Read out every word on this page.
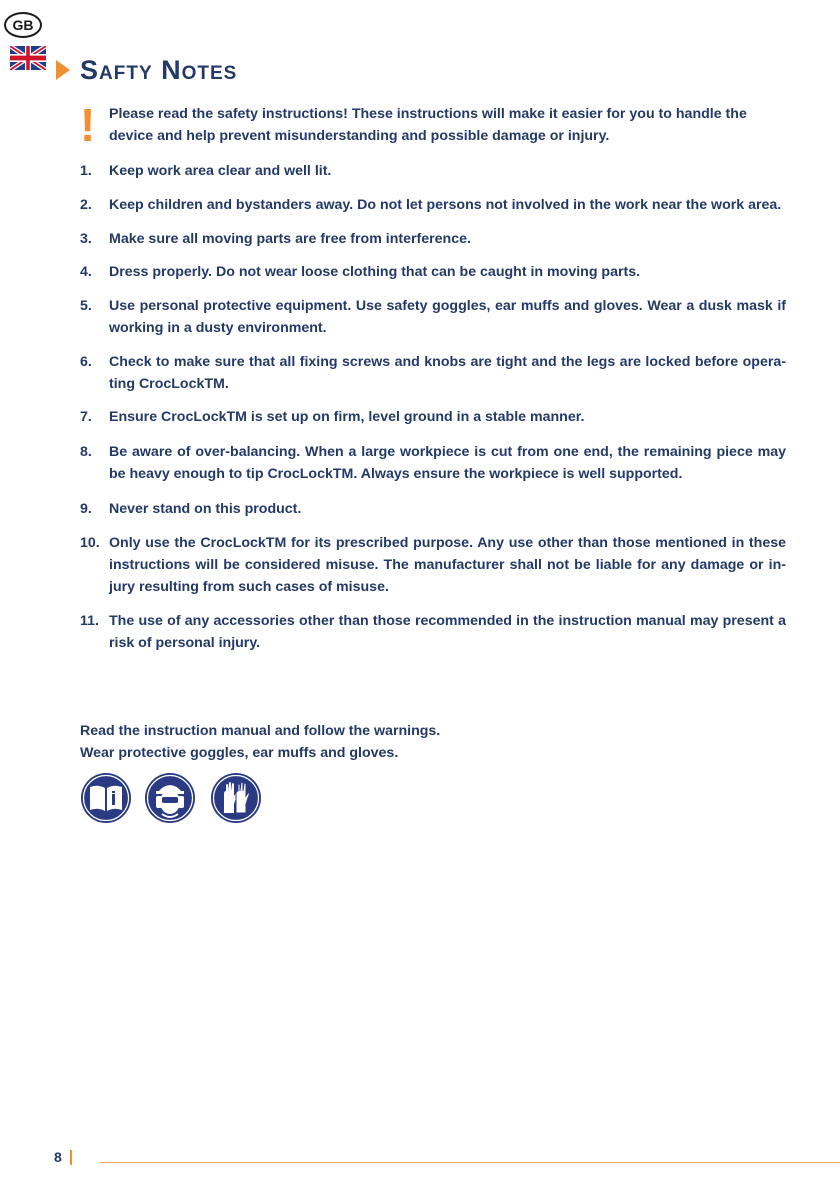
GB
Safty Notes
! Please read the safety instructions! These instructions will make it easier for you to handle the device and help prevent misunderstanding and possible damage or injury.

1.	Keep work area clear and well lit.
2.	Keep children and bystanders away. Do not let persons not involved in the work near the work area.
3.	Make sure all moving parts are free from interference.
4.	Dress properly. Do not wear loose clothing that can be caught in moving parts.
5.	Use personal protective equipment. Use safety goggles, ear muffs and gloves. Wear a dusk mask if working in a dusty environment.
6.	Check to make sure that all fixing screws and knobs are tight and the legs are locked before opera-ting CrocLockTM.
7.	Ensure CrocLockTM is set up on firm, level ground in a stable manner.
8.	Be aware of over-balancing. When a large workpiece is cut from one end, the remaining piece may be heavy enough to tip CrocLockTM. Always ensure the workpiece is well supported.
9.	Never stand on this product.
10. Only use the CrocLockTM for its prescribed purpose. Any use other than those mentioned in these instructions will be considered misuse. The manufacturer shall not be liable for any damage or in-jury resulting from such cases of misuse.
11. The use of any accessories other than those recommended in the instruction manual may present a risk of personal injury.

Read the instruction manual and follow the warnings.
Wear protective goggles, ear muffs and gloves.

8
